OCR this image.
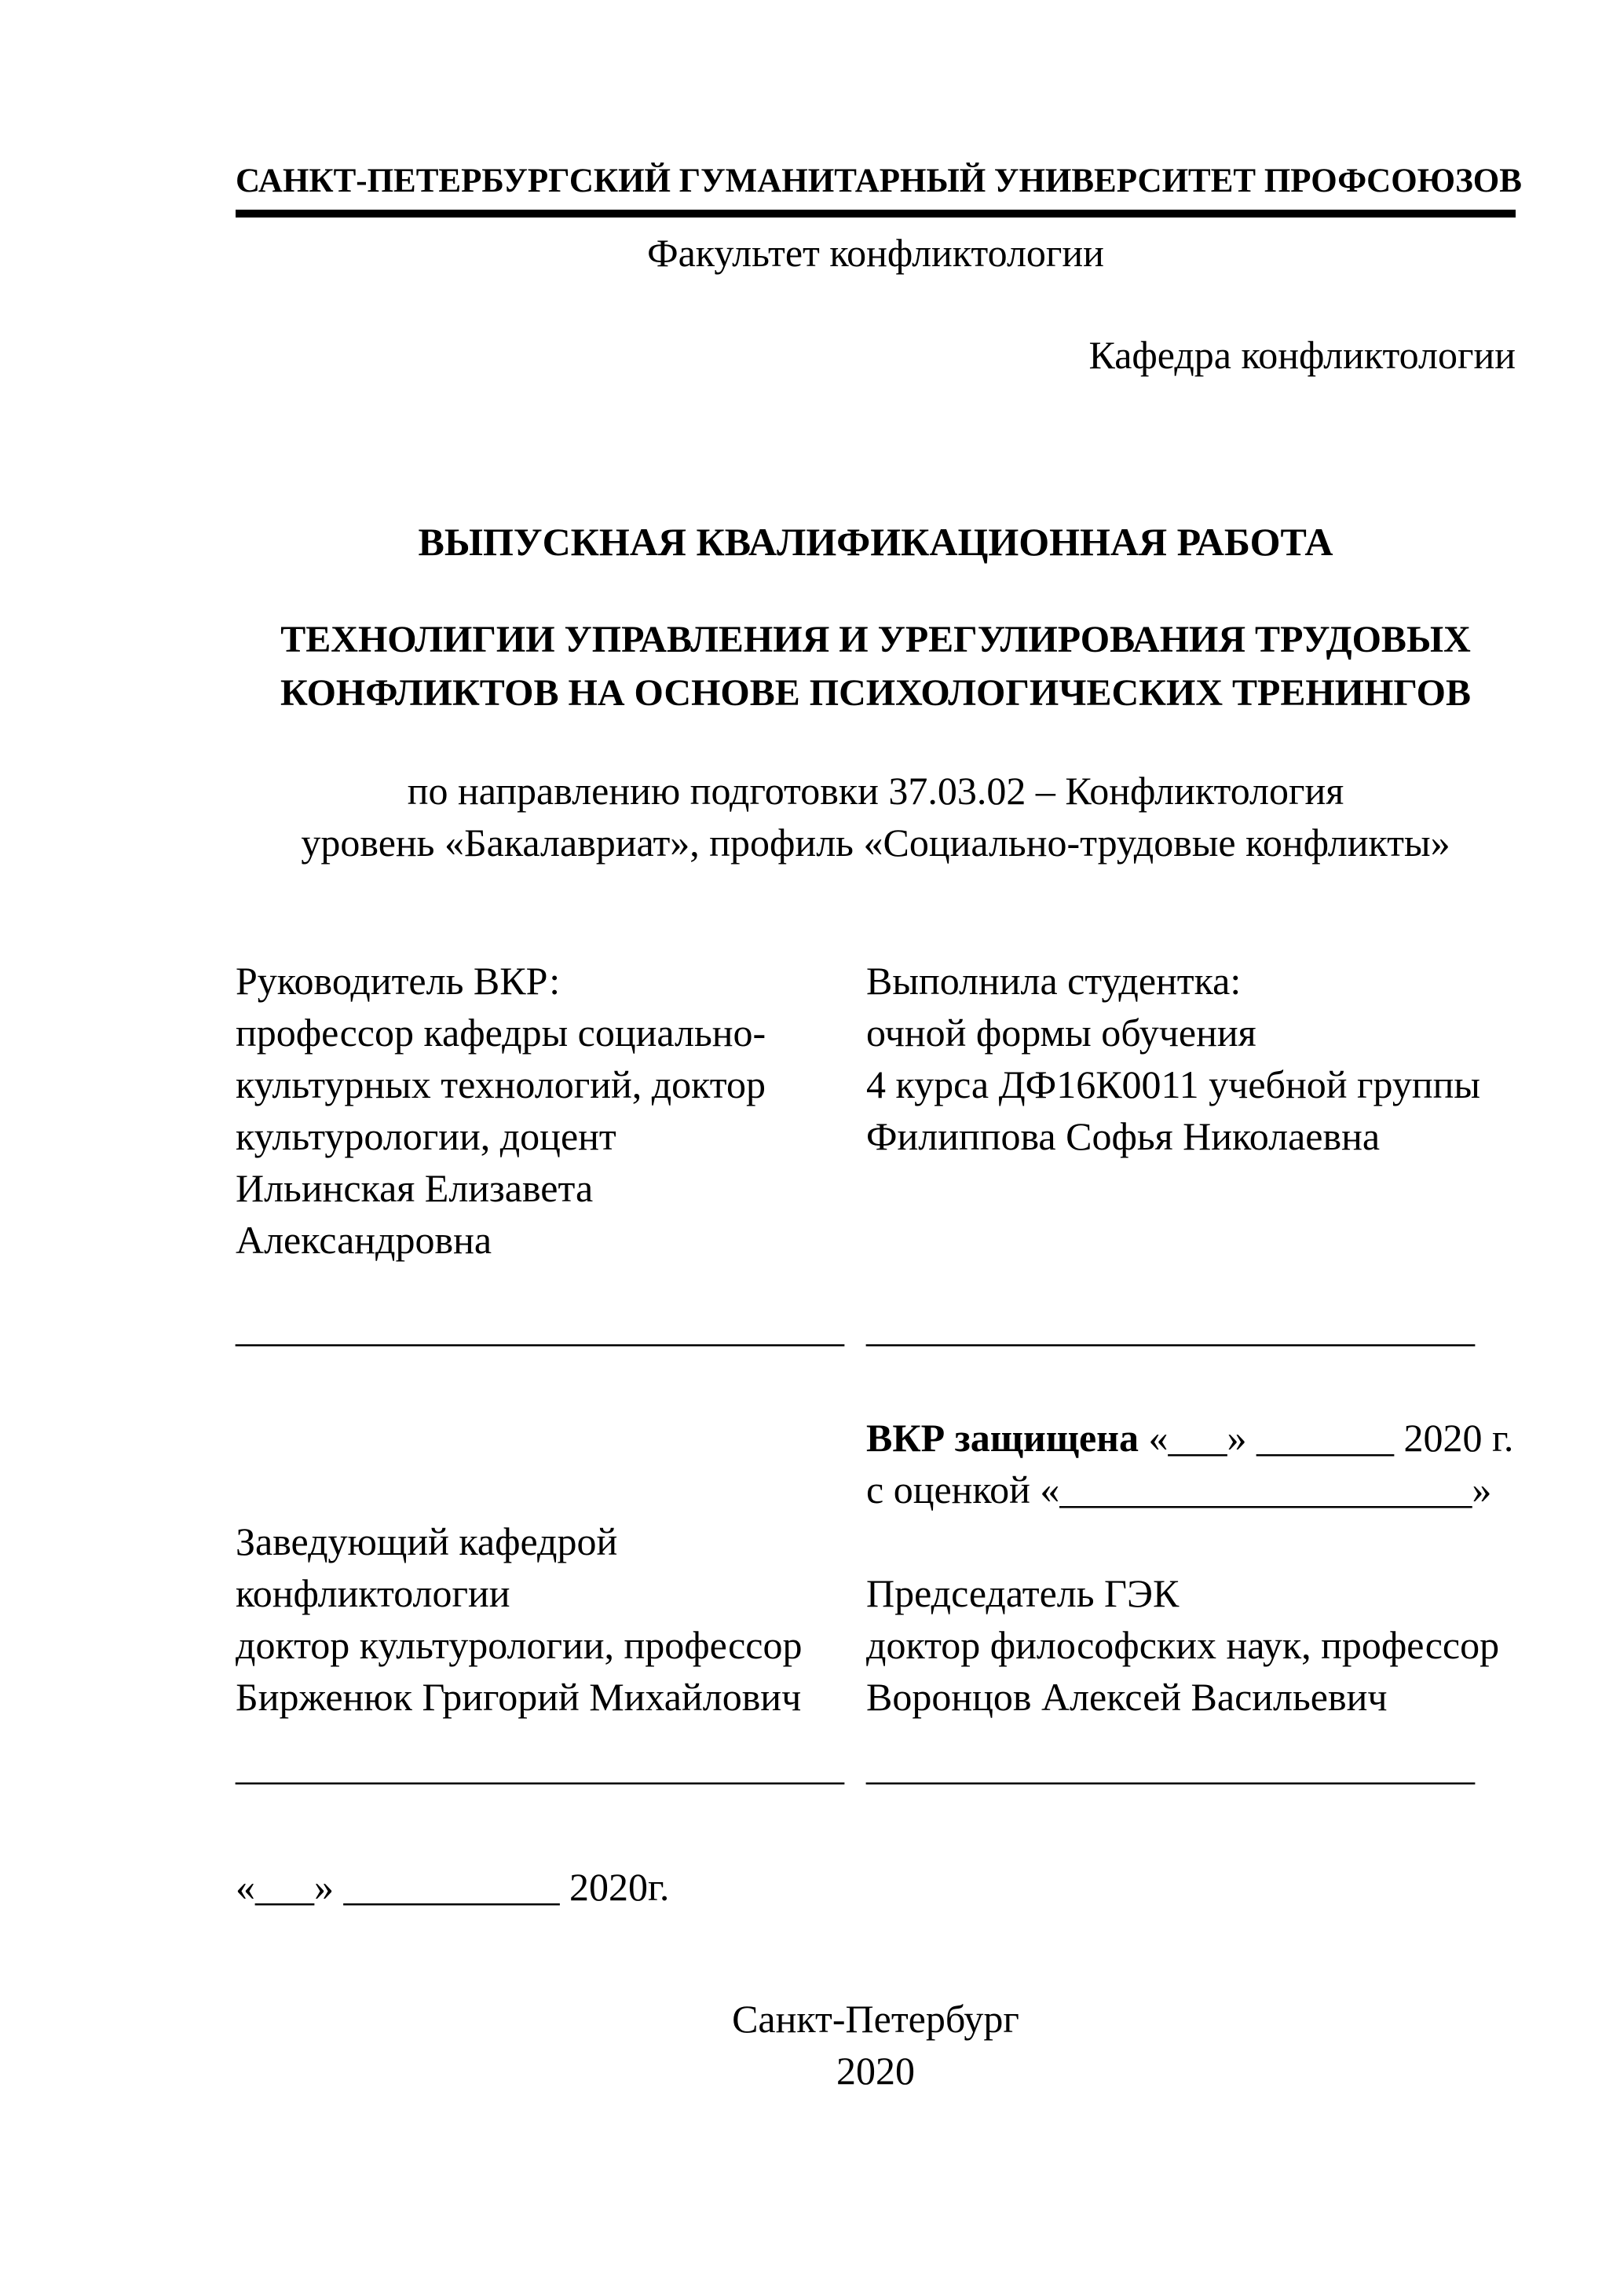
САНКТ-ПЕТЕРБУРГСКИЙ ГУМАНИТАРНЫЙ УНИВЕРСИТЕТ ПРОФСОЮЗОВ
Факультет конфликтологии
Кафедра конфликтологии
ВЫПУСКНАЯ КВАЛИФИКАЦИОННАЯ РАБОТА
ТЕХНОЛИГИИ УПРАВЛЕНИЯ И УРЕГУЛИРОВАНИЯ ТРУДОВЫХ
КОНФЛИКТОВ НА ОСНОВЕ ПСИХОЛОГИЧЕСКИХ ТРЕНИНГОВ
по направлению подготовки 37.03.02 – Конфликтология
уровень «Бакалавриат», профиль «Социально-трудовые конфликты»
Руководитель ВКР:
профессор кафедры социально-
культурных технологий, доктор
культурологии, доцент
Ильинская Елизавета
Александровна
Выполнила студентка:
очной формы обучения
4 курса ДФ16К0011 учебной группы
Филиппова Софья Николаевна
_______________________________ _______________________________
Заведующий кафедрой
конфликтологии
доктор культурологии, профессор
Бирженюк Григорий Михайлович
ВКР защищена «___» _______ 2020 г.
с оценкой «_____________________»
Председатель ГЭК
доктор философских наук, профессор
Воронцов Алексей Васильевич
_______________________________ _______________________________
«___» ___________ 2020г.
Санкт-Петербург
2020
